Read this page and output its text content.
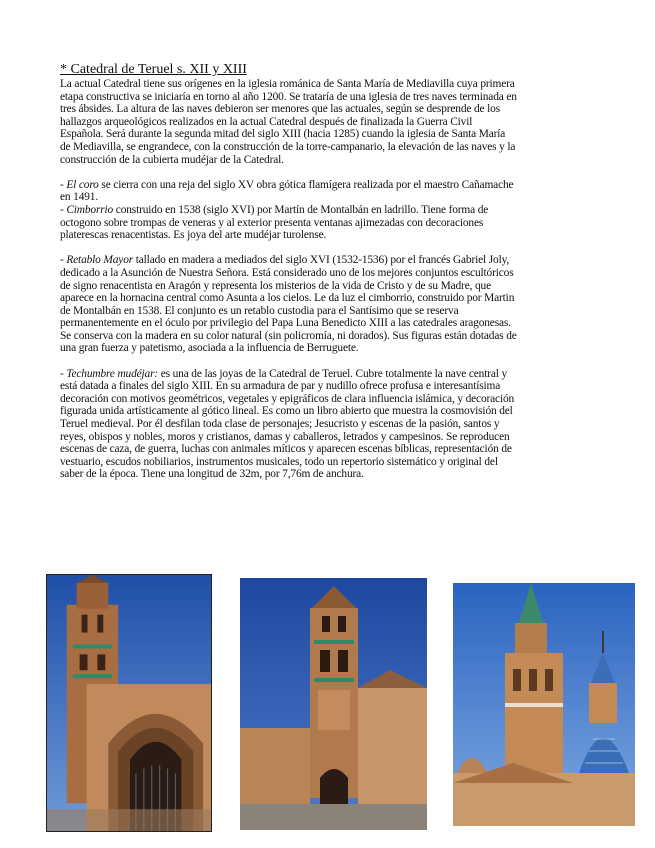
* Catedral de Teruel s. XII y XIII
La actual Catedral tiene sus orígenes en la iglesia románica de Santa María de Mediavilla cuya primera
etapa constructiva se iniciaría en torno al año 1200. Se trataría de una iglesia de tres naves terminada en
tres ábsides. La altura de las naves debieron ser menores que las actuales, según se desprende de los
hallazgos arqueológicos realizados en la actual Catedral después de finalizada la Guerra Civil
Española. Será durante la segunda mitad del siglo XIII (hacia 1285) cuando la iglesia de Santa María
de Mediavilla, se engrandece, con la construcción de la torre-campanario, la elevación de las naves y la
construcción de la cubierta mudéjar de la Catedral.
- El coro se cierra con una reja del siglo XV obra gótica flamígera realizada por el maestro Cañamache
en 1491.
- Cimborrio construido en 1538 (siglo XVI) por Martín de Montalbán en ladrillo. Tiene forma de
octogono sobre trompas de veneras y al exterior presenta ventanas ajimezadas con decoraciones
platerescas renacentistas. Es joya del arte mudéjar turolense.
- Retablo Mayor tallado en madera a mediados del siglo XVI (1532-1536) por el francés Gabriel Joly,
dedicado a la Asunción de Nuestra Señora. Está considerado uno de los mejores conjuntos escultóricos
de signo renacentista en Aragón y representa los misterios de la vida de Cristo y de su Madre, que
aparece en la hornacina central como Asunta a los cielos. Le da luz el cimborrio, construido por Martin
de Montalbán en 1538. El conjunto es un retablo custodia para el Santísimo que se reserva
permanentemente en el óculo por privilegio del Papa Luna Benedicto XIII a las catedrales aragonesas.
Se conserva con la madera en su color natural (sin policromía, ni dorados). Sus figuras están dotadas de
una gran fuerza y patetismo, asociada a la influencia de Berruguete.
- Techumbre mudéjar: es una de las joyas de la Catedral de Teruel. Cubre totalmente la nave central y
está datada a finales del siglo XIII. En su armadura de par y nudillo ofrece profusa e interesantísima
decoración con motivos geométricos, vegetales y epigráficos de clara influencia islámica, y decoración
figurada unida artísticamente al gótico lineal. Es como un libro abierto que muestra la cosmovisión del
Teruel medieval. Por él desfilan toda clase de personajes; Jesucristo y escenas de la pasión, santos y
reyes, obispos y nobles, moros y cristianos, damas y caballeros, letrados y campesinos. Se reproducen
escenas de caza, de guerra, luchas con animales míticos y aparecen escenas bíblicas, representación de
vestuario, escudos nobiliarios, instrumentos musicales, todo un repertorio sistemático y original del
saber de la época. Tiene una longitud de 32m, por 7,76m de anchura.
